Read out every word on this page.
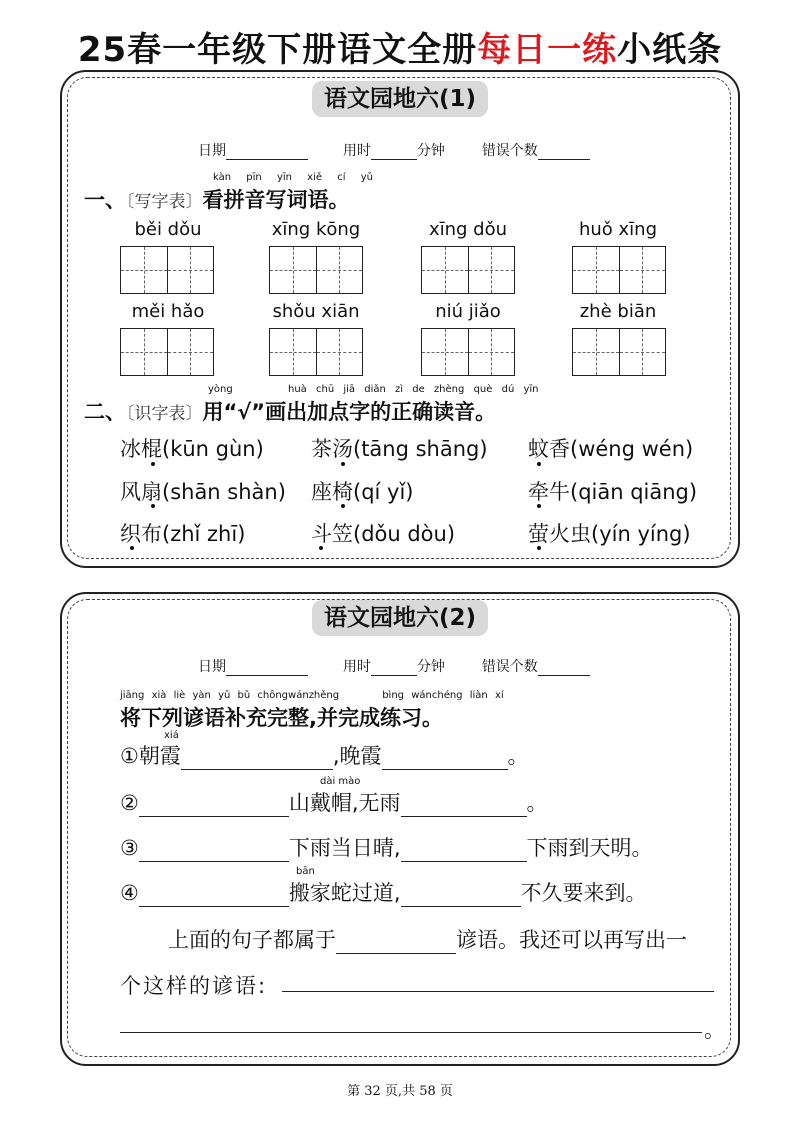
25春一年级下册语文全册每日一练小纸条
语文园地六(1)
日期	用时	分钟	错误个数
kàn pīn yīn xiě cí yǔ
一、〔写字表〕看拼音写词语。
běi dǒu	xīng kōng	xīng dǒu	huǒ xīng
měi hǎo	shǒu xiān	niú jiǎo	zhè biān
yòng	huà chū jiā diǎn zì de zhèng què dú yīn
二、〔识字表〕用“√”画出加点字的正确读音。
冰棍(kūn gùn) 茶汤(tāng shāng) 蚊香(wéng wén)
风扇(shān shàn) 座椅(qí yǐ)	牵牛(qiān qiāng)
织布(zhǐ zhī)	斗笠(dǒu dòu)	萤火虫(yín yíng)
语文园地六(2)
日期	用时	分钟	错误个数
jiāng xià liè yàn yǔ bǔ chōngwánzhěng	bìng wánchéng liàn xí
将下列谚语补充完整,并完成练习。
xiá
①朝霞	,晚霞	。
dài mào
②	山戴帽,无雨	。
③	下雨当日晴,	下雨到天明。
bān
④	搬家蛇过道,	不久要来到。
上面的句子都属于	谚语。我还可以再写出一
个这样的谚语:
。
第 32 页,共 58 页
